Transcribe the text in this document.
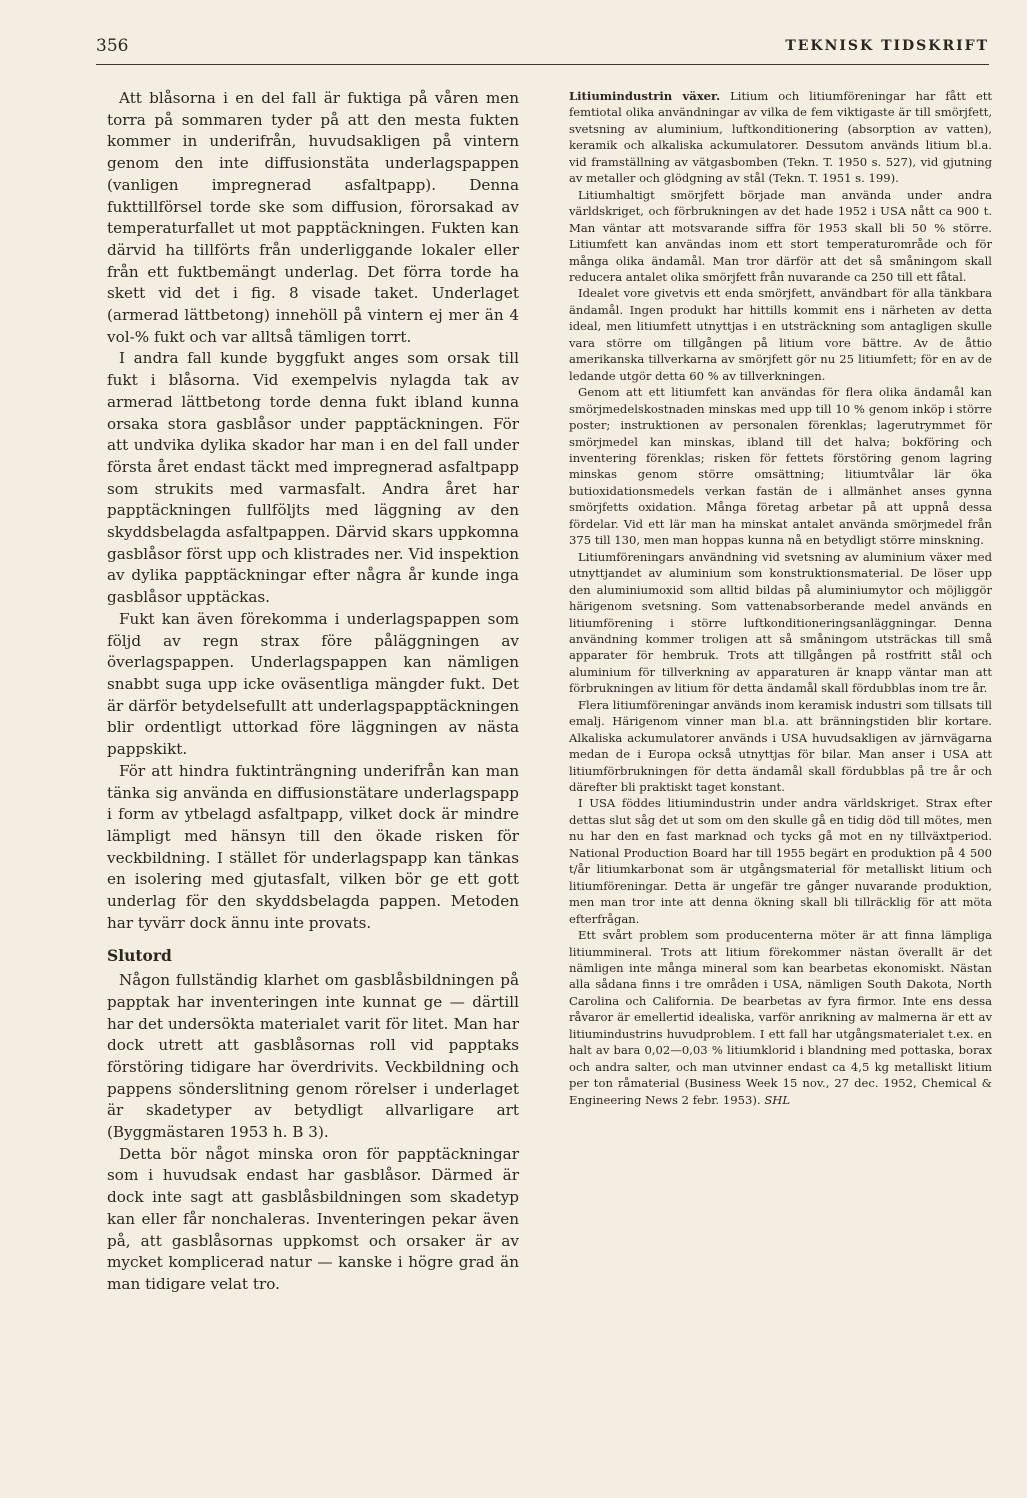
356	TEKNISK TIDSKRIFT

Att blåsorna i en del fall är fuktiga på våren men torra på sommaren tyder på att den mesta fukten kommer in underifrån, huvudsakligen på vintern genom den inte diffusionstäta underlagspappen (vanligen impregnerad asfaltpapp). Denna fukttillförsel torde ske som diffusion, förorsakad av temperaturfallet ut mot papptäckningen. Fukten kan därvid ha tillförts från underliggande lokaler eller från ett fuktbemängt underlag. Det förra torde ha skett vid det i fig. 8 visade taket. Underlaget (armerad lättbetong) innehöll på vintern ej mer än 4 vol-% fukt och var alltså tämligen torrt.

I andra fall kunde byggfukt anges som orsak till fukt i blåsorna. Vid exempelvis nylagda tak av armerad lättbetong torde denna fukt ibland kunna orsaka stora gasblåsor under papptäckningen. För att undvika dylika skador har man i en del fall under första året endast täckt med impregnerad asfaltpapp som strukits med varmasfalt. Andra året har papptäckningen fullföljts med läggning av den skyddsbelagda asfaltpappen. Därvid skars uppkomna gasblåsor först upp och klistrades ner. Vid inspektion av dylika papptäckningar efter några år kunde inga gasblåsor upptäckas.

Fukt kan även förekomma i underlagspappen som följd av regn strax före påläggningen av överlagspappen. Underlagspappen kan nämligen snabbt suga upp icke oväsentliga mängder fukt. Det är därför betydelsefullt att underlagspapptäckningen blir ordentligt uttorkad före läggningen av nästa pappskikt.

För att hindra fuktinträngning underifrån kan man tänka sig använda en diffusionstätare underlagspapp i form av ytbelagd asfaltpapp, vilket dock är mindre lämpligt med hänsyn till den ökade risken för veckbildning. I stället för underlagspapp kan tänkas en isolering med gjutasfalt, vilken bör ge ett gott underlag för den skyddsbelagda pappen. Metoden har tyvärr dock ännu inte provats.

Slutord

Någon fullständig klarhet om gasblåsbildningen på papptak har inventeringen inte kunnat ge — därtill har det undersökta materialet varit för litet. Man har dock utrett att gasblåsornas roll vid papptaks förstöring tidigare har överdrivits. Veckbildning och pappens sönderslitning genom rörelser i underlaget är skadetyper av betydligt allvarligare art (Byggmästaren 1953 h. B 3).

Detta bör något minska oron för papptäckningar som i huvudsak endast har gasblåsor. Därmed är dock inte sagt att gasblåsbildningen som skadetyp kan eller får nonchaleras. Inventeringen pekar även på, att gasblåsornas uppkomst och orsaker är av mycket komplicerad natur — kanske i högre grad än man tidigare velat tro.

Litiumindustrin växer. Litium och litiumföreningar har fått ett femtiotal olika användningar av vilka de fem viktigaste är till smörjfett, svetsning av aluminium, luftkonditionering (absorption av vatten), keramik och alkaliska ackumulatorer. Dessutom används litium bl.a. vid framställning av vätgasbomben (Tekn. T. 1950 s. 527), vid gjutning av metaller och glödgning av stål (Tekn. T. 1951 s. 199).

Litiumhaltigt smörjfett började man använda under andra världskriget, och förbrukningen av det hade 1952 i USA nått ca 900 t. Man väntar att motsvarande siffra för 1953 skall bli 50 % större. Litiumfett kan användas inom ett stort temperaturområde och för många olika ändamål. Man tror därför att det så småningom skall reducera antalet olika smörjfett från nuvarande ca 250 till ett fåtal.

Idealet vore givetvis ett enda smörjfett, användbart för alla tänkbara ändamål. Ingen produkt har hittills kommit ens i närheten av detta ideal, men litiumfett utnyttjas i en utsträckning som antagligen skulle vara större om tillgången på litium vore bättre. Av de åttio amerikanska tillverkarna av smörjfett gör nu 25 litiumfett; för en av de ledande utgör detta 60 % av tillverkningen.

Genom att ett litiumfett kan användas för flera olika ändamål kan smörjmedelskostnaden minskas med upp till 10 % genom inköp i större poster; instruktionen av personalen förenklas; lagerutrymmet för smörjmedel kan minskas, ibland till det halva; bokföring och inventering förenklas; risken för fettets förstöring genom lagring minskas genom större omsättning; litiumtvålar lär öka butioxidationsmedels verkan fastän de i allmänhet anses gynna smörjfetts oxidation. Många företag arbetar på att uppnå dessa fördelar. Vid ett lär man ha minskat antalet använda smörjmedel från 375 till 130, men man hoppas kunna nå en betydligt större minskning.

Litiumföreningars användning vid svetsning av aluminium växer med utnyttjandet av aluminium som konstruktionsmaterial. De löser upp den aluminiumoxid som alltid bildas på aluminiumytor och möjliggör härigenom svetsning. Som vattenabsorberande medel används en litiumförening i större luftkonditioneringsanläggningar. Denna användning kommer troligen att så småningom utsträckas till små apparater för hembruk. Trots att tillgången på rostfritt stål och aluminium för tillverkning av apparaturen är knapp väntar man att förbrukningen av litium för detta ändamål skall fördubblas inom tre år.

Flera litiumföreningar används inom keramisk industri som tillsats till emalj. Härigenom vinner man bl.a. att bränningstiden blir kortare. Alkaliska ackumulatorer används i USA huvudsakligen av järnvägarna medan de i Europa också utnyttjas för bilar. Man anser i USA att litiumförbrukningen för detta ändamål skall fördubblas på tre år och därefter bli praktiskt taget konstant.

I USA föddes litiumindustrin under andra världskriget. Strax efter dettas slut såg det ut som om den skulle gå en tidig död till mötes, men nu har den en fast marknad och tycks gå mot en ny tillväxtperiod. National Production Board har till 1955 begärt en produktion på 4 500 t/år litiumkarbonat som är utgångsmaterial för metalliskt litium och litiumföreningar. Detta är ungefär tre gånger nuvarande produktion, men man tror inte att denna ökning skall bli tillräcklig för att möta efterfrågan.

Ett svårt problem som producenterna möter är att finna lämpliga litiummineral. Trots att litium förekommer nästan överallt är det nämligen inte många mineral som kan bearbetas ekonomiskt. Nästan alla sådana finns i tre områden i USA, nämligen South Dakota, North Carolina och California. De bearbetas av fyra firmor. Inte ens dessa råvaror är emellertid idealiska, varför anrikning av malmerna är ett av litiumindustrins huvudproblem. I ett fall har utgångsmaterialet t.ex. en halt av bara 0,02—0,03 % litiumklorid i blandning med pottaska, borax och andra salter, och man utvinner endast ca 4,5 kg metalliskt litium per ton råmaterial (Business Week 15 nov., 27 dec. 1952, Chemical & Engineering News 2 febr. 1953). SHL
